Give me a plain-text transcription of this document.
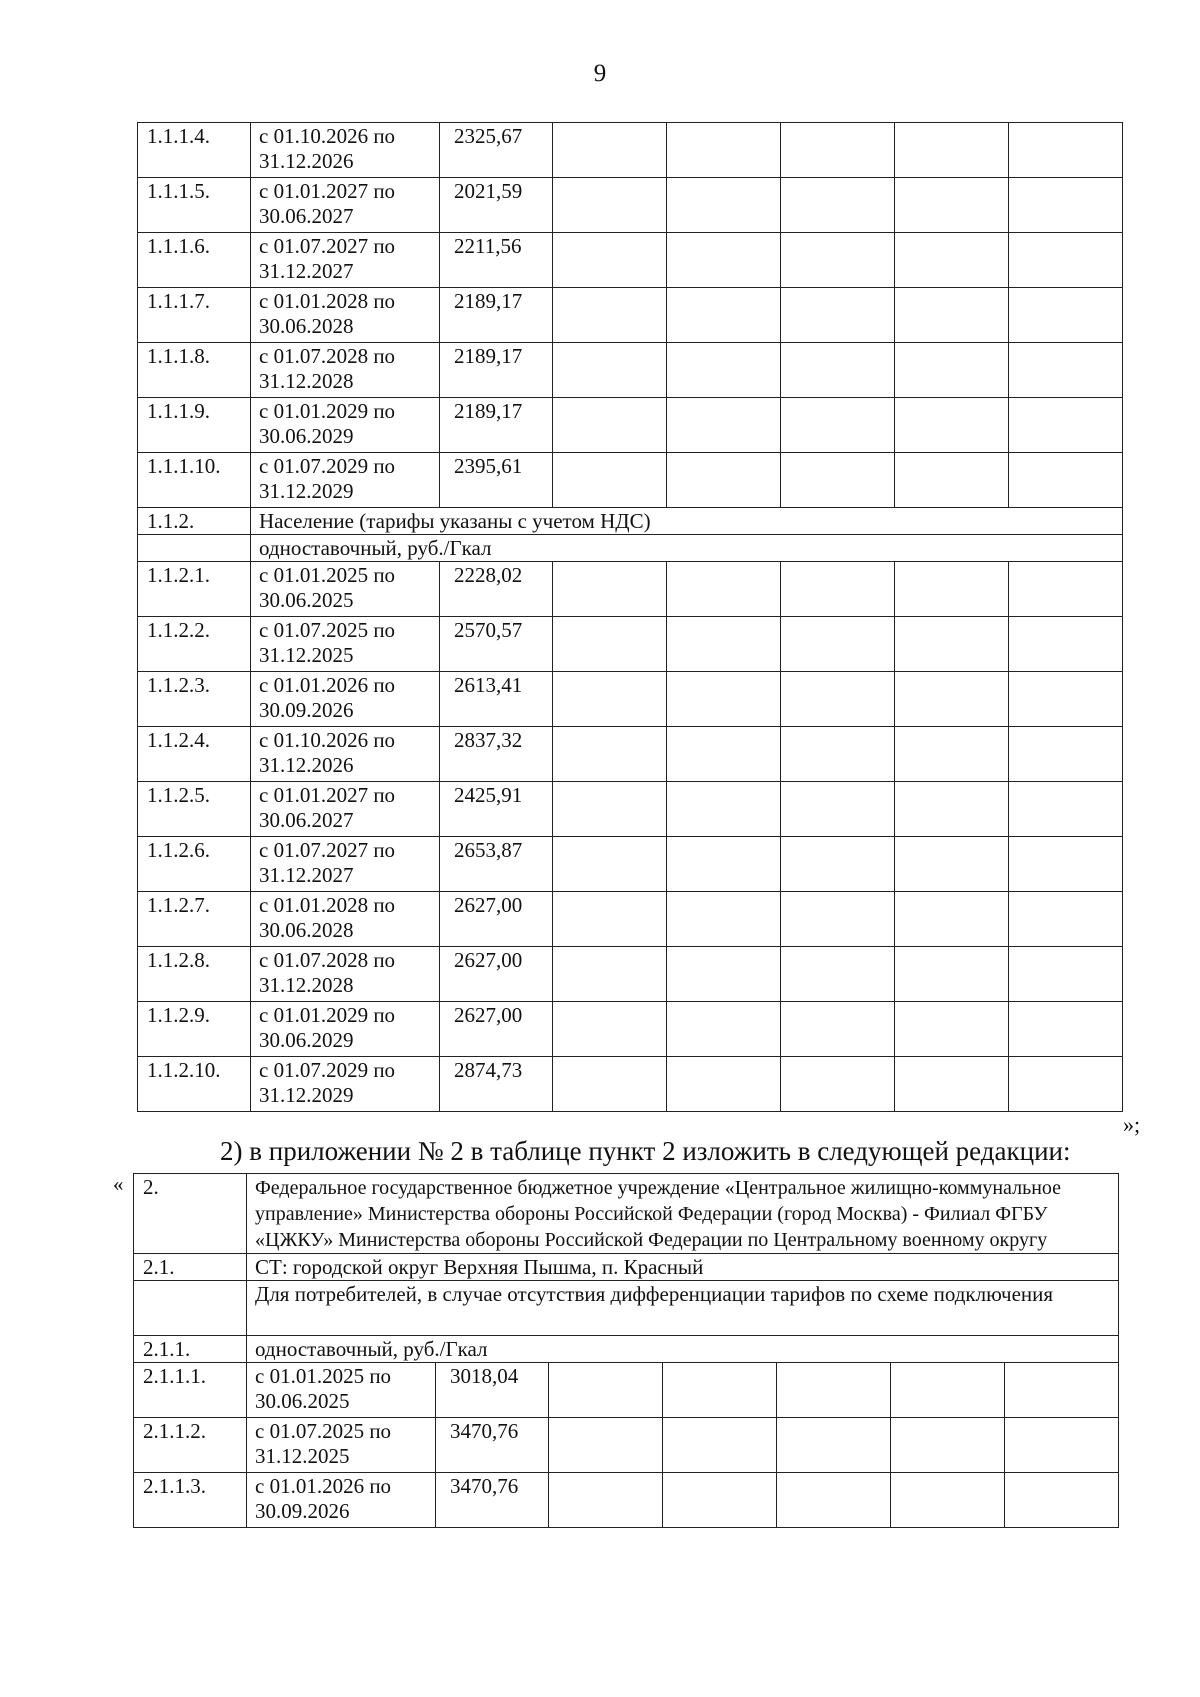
9
1.1.1.4.	с 01.10.2026 по 31.12.2026	2325,67					
1.1.1.5.	с 01.01.2027 по 30.06.2027	2021,59					
1.1.1.6.	с 01.07.2027 по 31.12.2027	2211,56					
1.1.1.7.	с 01.01.2028 по 30.06.2028	2189,17					
1.1.1.8.	с 01.07.2028 по 31.12.2028	2189,17					
1.1.1.9.	с 01.01.2029 по 30.06.2029	2189,17					
1.1.1.10.	с 01.07.2029 по 31.12.2029	2395,61					
1.1.2.	Население (тарифы указаны с учетом НДС)						
	одноставочный, руб./Гкал						
1.1.2.1.	с 01.01.2025 по 30.06.2025	2228,02					
1.1.2.2.	с 01.07.2025 по 31.12.2025	2570,57					
1.1.2.3.	с 01.01.2026 по 30.09.2026	2613,41					
1.1.2.4.	с 01.10.2026 по 31.12.2026	2837,32					
1.1.2.5.	с 01.01.2027 по 30.06.2027	2425,91					
1.1.2.6.	с 01.07.2027 по 31.12.2027	2653,87					
1.1.2.7.	с 01.01.2028 по 30.06.2028	2627,00					
1.1.2.8.	с 01.07.2028 по 31.12.2028	2627,00					
1.1.2.9.	с 01.01.2029 по 30.06.2029	2627,00					
1.1.2.10.	с 01.07.2029 по 31.12.2029	2874,73					
»;
2) в приложении № 2 в таблице пункт 2 изложить в следующей редакции:
« 2.	Федеральное государственное бюджетное учреждение «Центральное жилищно-коммунальное управление» Министерства обороны Российской Федерации (город Москва) - Филиал ФГБУ «ЦЖКУ» Министерства обороны Российской Федерации по Центральному военному округу						
2.1.	СТ: городской округ Верхняя Пышма, п. Красный						
	Для потребителей, в случае отсутствия дифференциации тарифов по схеме подключения						
2.1.1.	одноставочный, руб./Гкал						
2.1.1.1.	с 01.01.2025 по 30.06.2025	3018,04					
2.1.1.2.	с 01.07.2025 по 31.12.2025	3470,76					
2.1.1.3.	с 01.01.2026 по 30.09.2026	3470,76					
